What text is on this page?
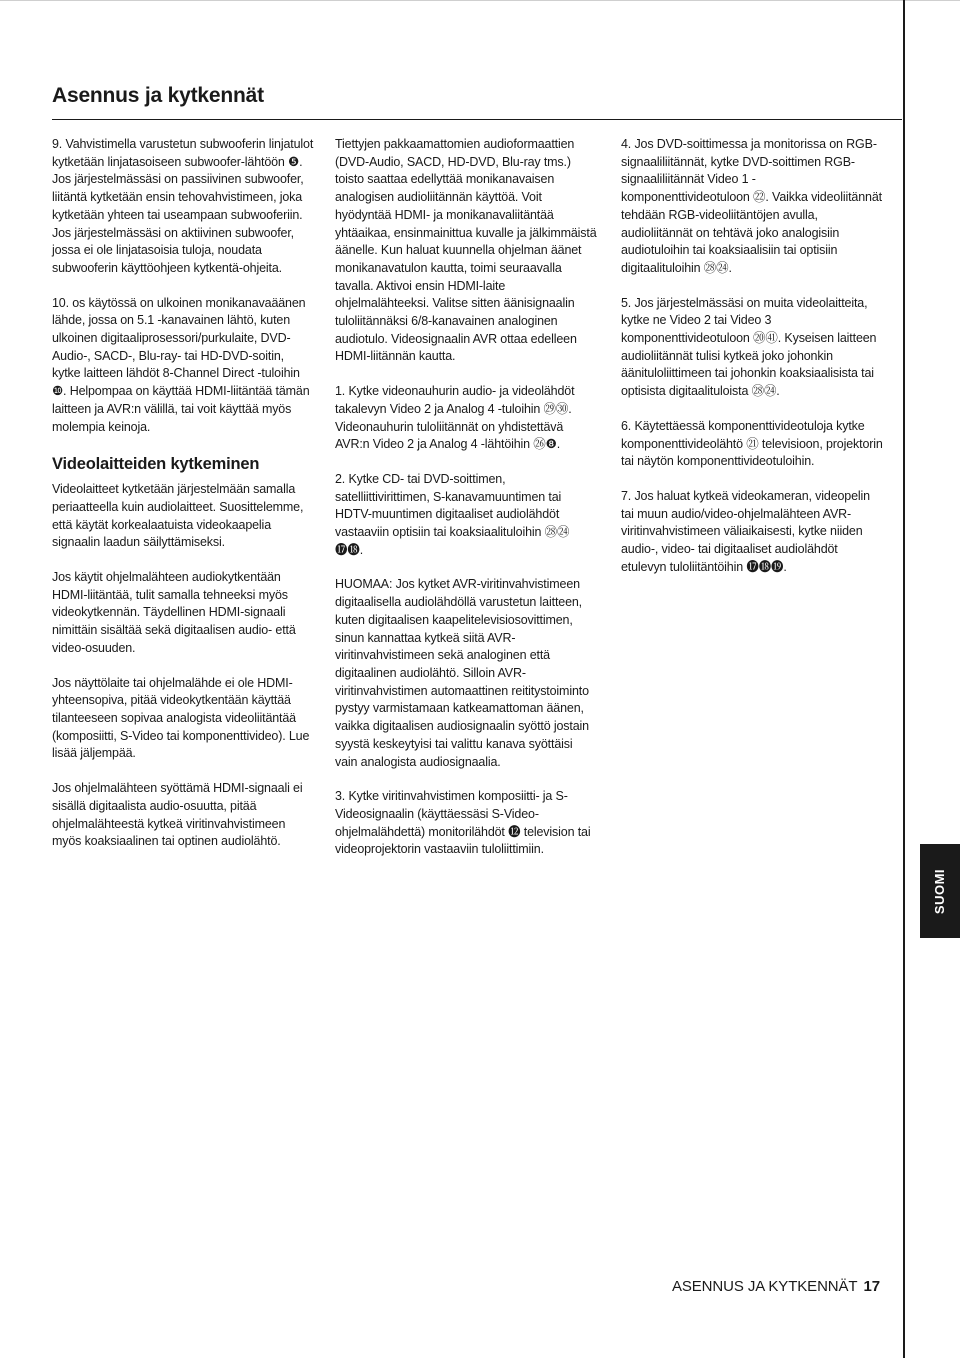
Asennus ja kytkennät

9. Vahvistimella varustetun subwooferin linjatulot kytketään linjatasoiseen subwoofer-lähtöön ❺. Jos järjestelmässäsi on passiivinen subwoofer, liitäntä kytketään ensin tehovahvistimeen, joka kytketään yhteen tai useampaan subwooferiin. Jos järjestelmässäsi on aktiivinen subwoofer, jossa ei ole linjatasoisia tuloja, noudata subwooferin käyttöohjeen kytkentä-ohjeita.

10. os käytössä on ulkoinen monikanavaäänen lähde, jossa on 5.1 -kanavainen lähtö, kuten ulkoinen digitaaliprosessori/purkulaite, DVD-Audio-, SACD-, Blu-ray- tai HD-DVD-soitin, kytke laitteen lähdöt 8-Channel Direct -tuloihin ❿. Helpompaa on käyttää HDMI-liitäntää tämän laitteen ja AVR:n välillä, tai voit käyttää myös molempia keinoja.

Videolaitteiden kytkeminen

Videolaitteet kytketään järjestelmään samalla periaatteella kuin audiolaitteet. Suosittelemme, että käytät korkealaatuista videokaapelia signaalin laadun säilyttämiseksi.

Jos käytit ohjelmalähteen audiokytkentään HDMI-liitäntää, tulit samalla tehneeksi myös videokytkennän. Täydellinen HDMI-signaali nimittäin sisältää sekä digitaalisen audio- että video-osuuden.

Jos näyttölaite tai ohjelmalähde ei ole HDMI-yhteensopiva, pitää videokytkentään käyttää tilanteeseen sopivaa analogista videoliitäntää (komposiitti, S-Video tai komponenttivideo). Lue lisää jäljempää.

Jos ohjelmalähteen syöttämä HDMI-signaali ei sisällä digitaalista audio-osuutta, pitää ohjelmalähteestä kytkeä viritinvahvistimeen myös koaksiaalinen tai optinen audiolähtö.

Tiettyjen pakkaamattomien audioformaattien (DVD-Audio, SACD, HD-DVD, Blu-ray tms.) toisto saattaa edellyttää monikanavaisen analogisen audioliitännän käyttöä. Voit hyödyntää HDMI- ja monikanavaliitäntää yhtäaikaa, ensinmainittua kuvalle ja jälkimmäistä äänelle. Kun haluat kuunnella ohjelman äänet monikanavatulon kautta, toimi seuraavalla tavalla. Aktivoi ensin HDMI-laite ohjelmalähteeksi. Valitse sitten äänisignaalin tuloliitännäksi 6/8-kanavainen analoginen audiotulo. Videosignaalin AVR ottaa edelleen HDMI-liitännän kautta.

1. Kytke videonauhurin audio- ja videolähdöt takalevyn Video 2 ja Analog 4 -tuloihin ㉙㉚. Videonauhurin tuloliitännät on yhdistettävä AVR:n Video 2 ja Analog 4 -lähtöihin ㉖❽.

2. Kytke CD- tai DVD-soittimen, satelliittivirittimen, S-kanavamuuntimen tai HDTV-muuntimen digitaaliset audiolähdöt vastaaviin optisiin tai koaksiaalituloihin ㉘㉔⓱⓲.

HUOMAA: Jos kytket AVR-viritinvahvistimeen digitaalisella audiolähdöllä varustetun laitteen, kuten digitaalisen kaapelitelevisiosovittimen, sinun kannattaa kytkeä siitä AVR-viritinvahvistimeen sekä analoginen että digitaalinen audiolähtö. Silloin AVR-viritinvahvistimen automaattinen reititystoiminto pystyy varmistamaan katkeamattoman äänen, vaikka digitaalisen audiosignaalin syöttö jostain syystä keskeytyisi tai valittu kanava syöttäisi vain analogista audiosignaalia.

3. Kytke viritinvahvistimen komposiitti- ja S-Videosignaalin (käyttäessäsi S-Video-ohjelmalähdettä) monitorilähdöt ⓬ television tai videoprojektorin vastaaviin tuloliittimiin.

4. Jos DVD-soittimessa ja monitorissa on RGB-signaaliliitännät, kytke DVD-soittimen RGB-signaaliliitännät Video 1 -komponenttivideotuloon ㉒. Vaikka videoliitännät tehdään RGB-videoliitäntöjen avulla, audioliitännät on tehtävä joko analogisiin audiotuloihin tai koaksiaalisiin tai optisiin digitaalituloihin ㉘㉔.

5. Jos järjestelmässäsi on muita videolaitteita, kytke ne Video 2 tai Video 3 komponenttivideotuloon ⑳㊶. Kyseisen laitteen audioliitännät tulisi kytkeä joko johonkin äänituloliittimeen tai johonkin koaksiaalisista tai optisista digitaalituloista ㉘㉔.

6. Käytettäessä komponenttivideotuloja kytke komponenttivideolähtö ㉑ televisioon, projektorin tai näytön komponenttivideotuloihin.

7. Jos haluat kytkeä videokameran, videopelin tai muun audio/video-ohjelmalähteen AVR-viritinvahvistimeen väliaikaisesti, kytke niiden audio-, video- tai digitaaliset audiolähdöt etulevyn tuloliitäntöihin ⓱⓲⓳.

SUOMI
ASENNUS JA KYTKENNÄT 17
